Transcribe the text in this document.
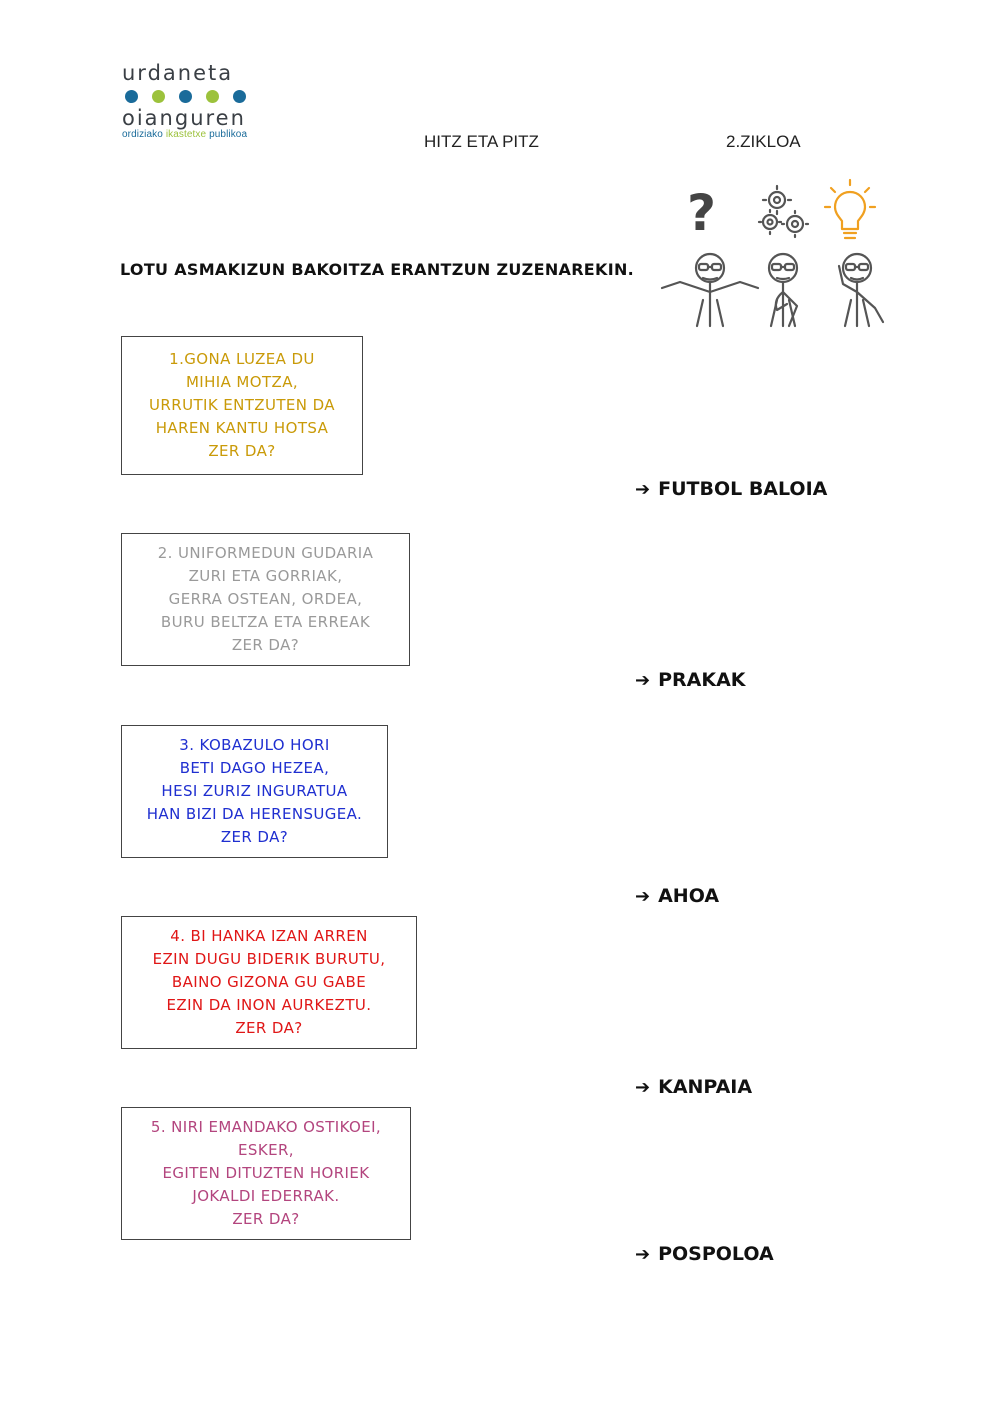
urdaneta
oianguren
ordiziako ikastetxe publikoa	HITZ ETA PITZ	2.ZIKLOA
LOTU ASMAKIZUN BAKOITZA ERANTZUN ZUZENAREKIN.
?
1.GONA LUZEA DU
MIHIA MOTZA,
URRUTIK ENTZUTEN DA
HAREN KANTU HOTSA
ZER DA?
2. UNIFORMEDUN GUDARIA
ZURI ETA GORRIAK,
GERRA OSTEAN, ORDEA,
BURU BELTZA ETA ERREAK
ZER DA?
3. KOBAZULO HORI
BETI DAGO HEZEA,
HESI ZURIZ INGURATUA
HAN BIZI DA HERENSUGEA.
ZER DA?
4. BI HANKA IZAN ARREN
EZIN DUGU BIDERIK BURUTU,
BAINO GIZONA GU GABE
EZIN DA INON AURKEZTU.
ZER DA?
5. NIRI EMANDAKO OSTIKOEI,
ESKER,
EGITEN DITUZTEN HORIEK
JOKALDI EDERRAK.
ZER DA?
➔ FUTBOL BALOIA
➔ PRAKAK
➔ AHOA
➔ KANPAIA
➔ POSPOLOA
